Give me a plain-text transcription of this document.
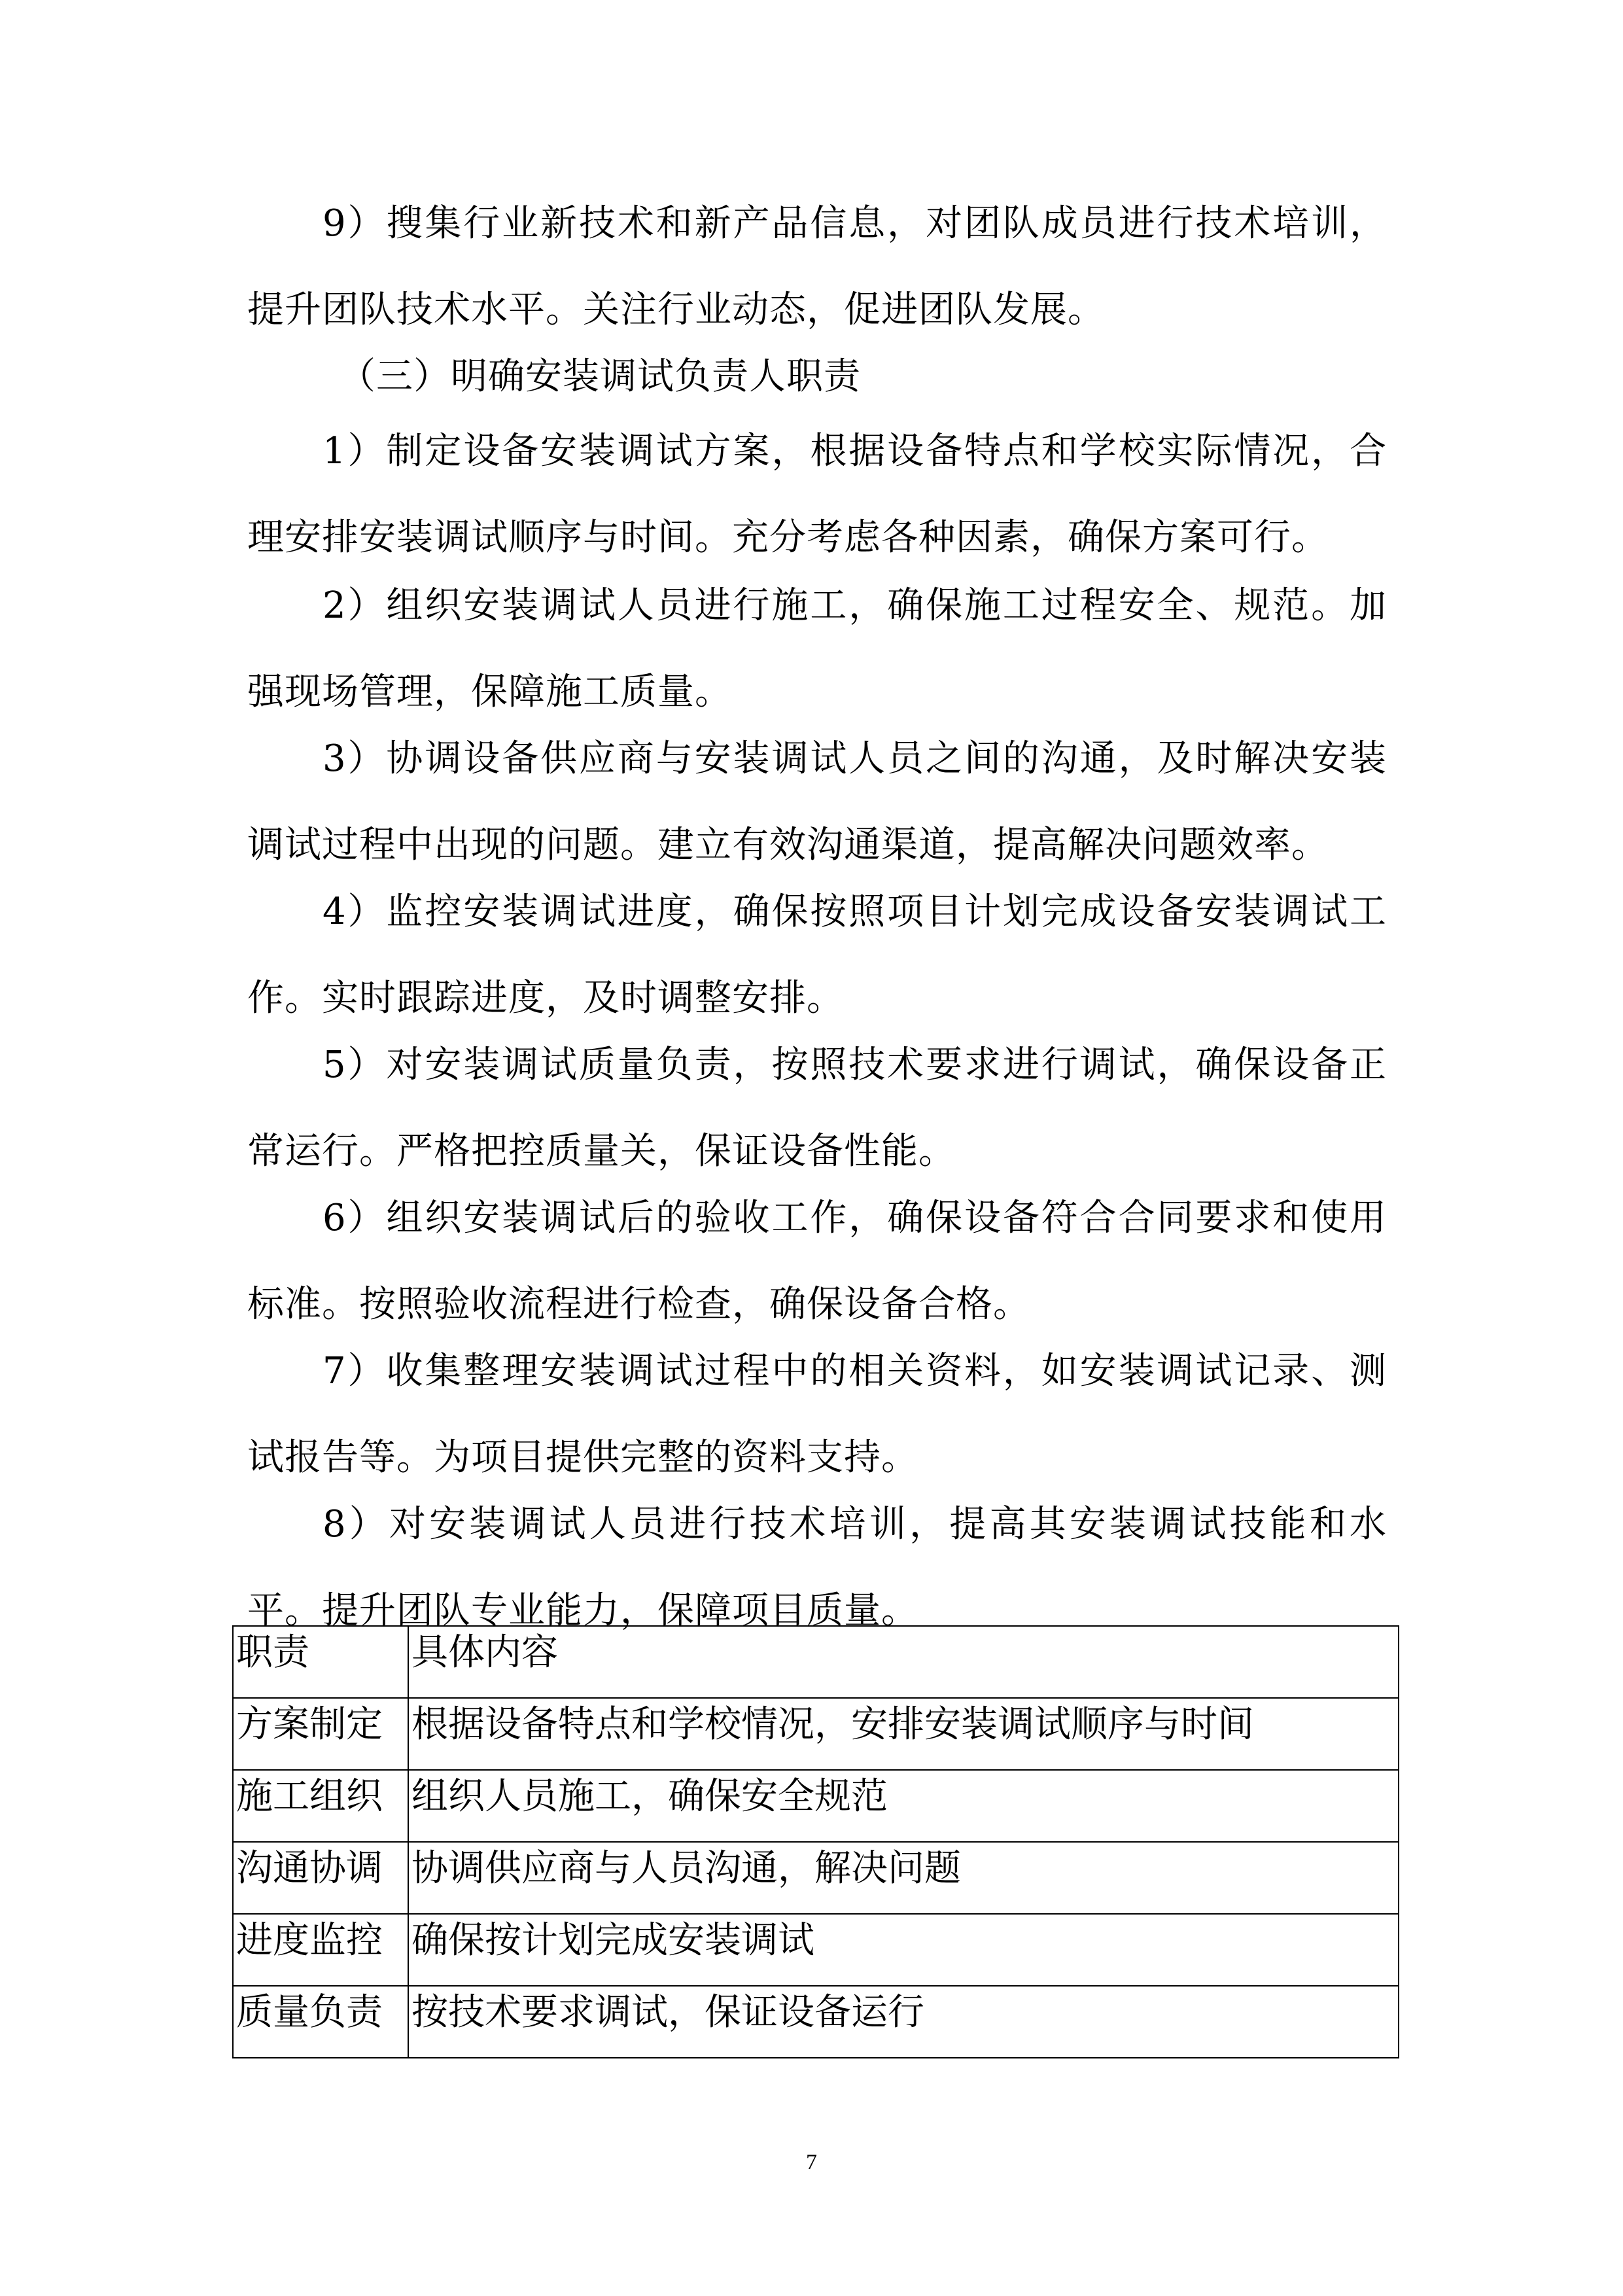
9）搜集行业新技术和新产品信息，对团队成员进行技术培训，提升团队技术水平。关注行业动态，促进团队发展。

（三）明确安装调试负责人职责

1）制定设备安装调试方案，根据设备特点和学校实际情况，合理安排安装调试顺序与时间。充分考虑各种因素，确保方案可行。

2）组织安装调试人员进行施工，确保施工过程安全、规范。加强现场管理，保障施工质量。

3）协调设备供应商与安装调试人员之间的沟通，及时解决安装调试过程中出现的问题。建立有效沟通渠道，提高解决问题效率。

4）监控安装调试进度，确保按照项目计划完成设备安装调试工作。实时跟踪进度，及时调整安排。

5）对安装调试质量负责，按照技术要求进行调试，确保设备正常运行。严格把控质量关，保证设备性能。

6）组织安装调试后的验收工作，确保设备符合合同要求和使用标准。按照验收流程进行检查，确保设备合格。

7）收集整理安装调试过程中的相关资料，如安装调试记录、测试报告等。为项目提供完整的资料支持。

8）对安装调试人员进行技术培训，提高其安装调试技能和水平。提升团队专业能力，保障项目质量。

职责	具体内容
方案制定	根据设备特点和学校情况，安排安装调试顺序与时间
施工组织	组织人员施工，确保安全规范
沟通协调	协调供应商与人员沟通，解决问题
进度监控	确保按计划完成安装调试
质量负责	按技术要求调试，保证设备运行
7
